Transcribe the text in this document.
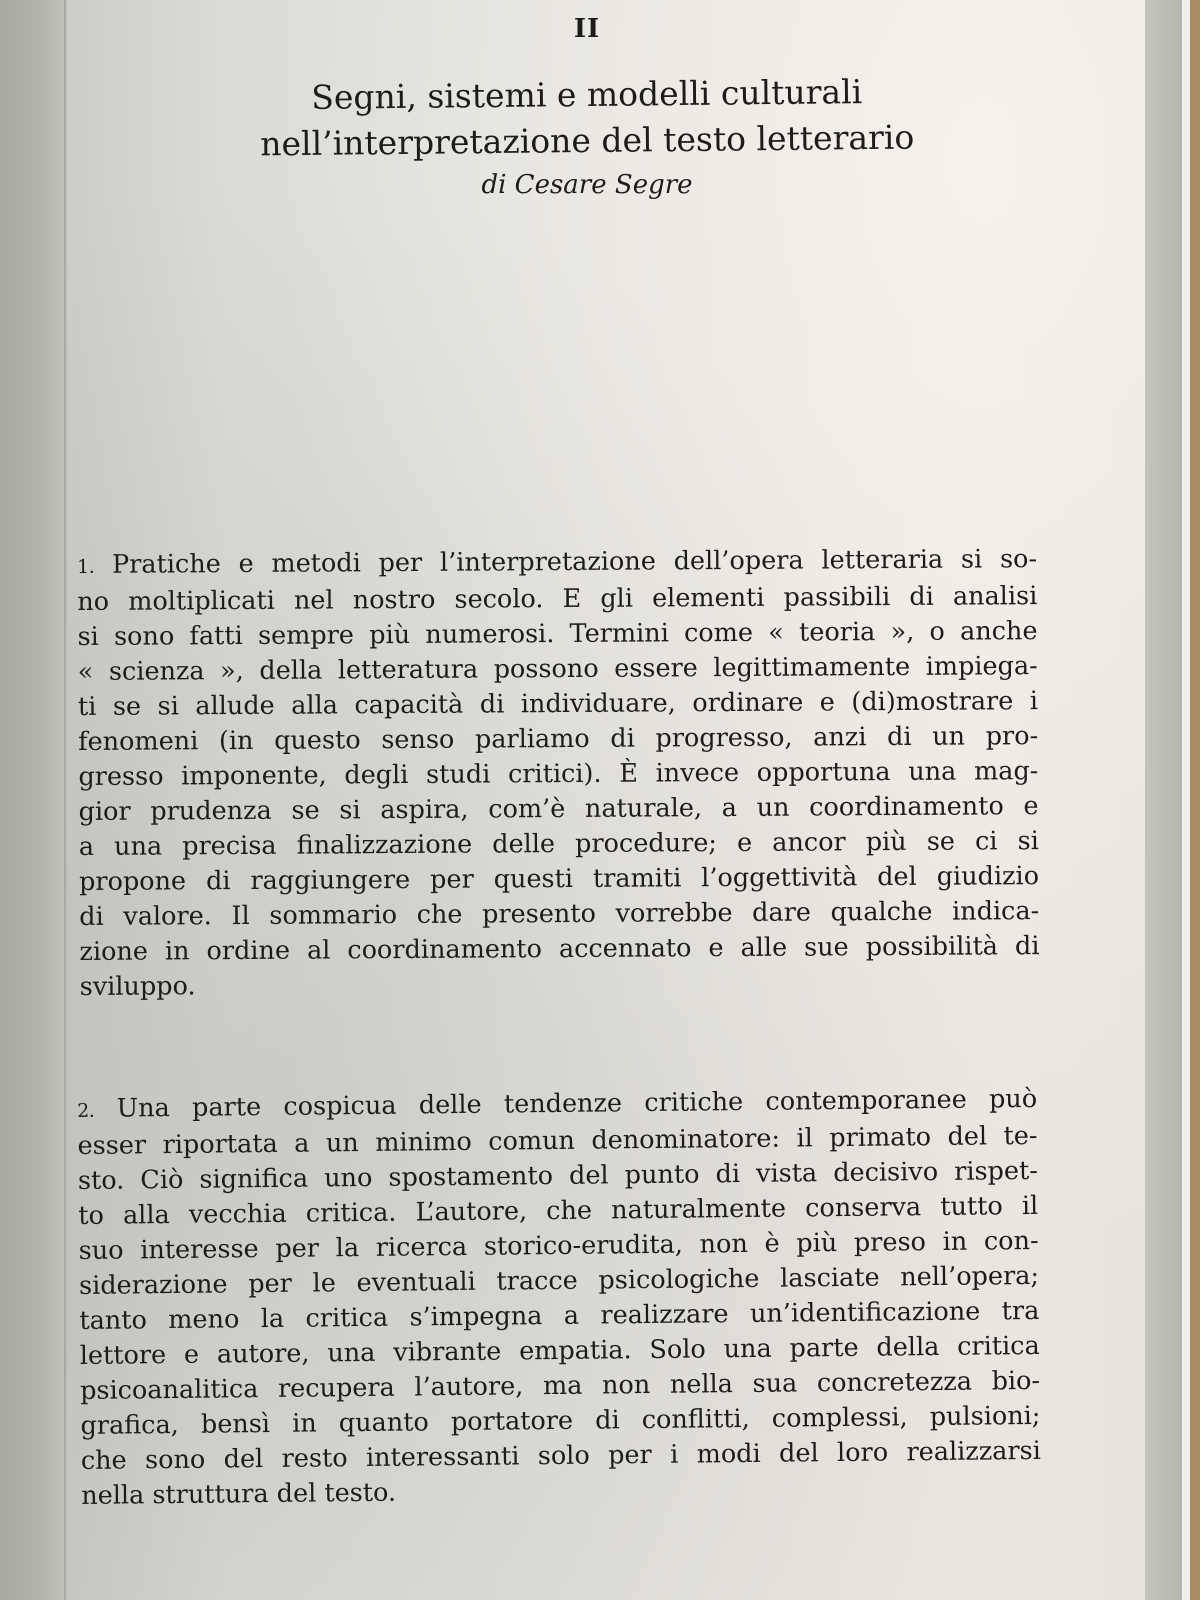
II
Segni, sistemi e modelli culturali
nell’interpretazione del testo letterario
di Cesare Segre
1. Pratiche e metodi per l’interpretazione dell’opera letteraria si so-
no moltiplicati nel nostro secolo. E gli elementi passibili di analisi
si sono fatti sempre più numerosi. Termini come « teoria », o anche
« scienza », della letteratura possono essere legittimamente impiega-
ti se si allude alla capacità di individuare, ordinare e (di)mostrare i
fenomeni (in questo senso parliamo di progresso, anzi di un pro-
gresso imponente, degli studi critici). È invece opportuna una mag-
gior prudenza se si aspira, com’è naturale, a un coordinamento e
a una precisa finalizzazione delle procedure; e ancor più se ci si
propone di raggiungere per questi tramiti l’oggettività del giudizio
di valore. Il sommario che presento vorrebbe dare qualche indica-
zione in ordine al coordinamento accennato e alle sue possibilità di
sviluppo.
2. Una parte cospicua delle tendenze critiche contemporanee può
esser riportata a un minimo comun denominatore: il primato del te-
sto. Ciò significa uno spostamento del punto di vista decisivo rispet-
to alla vecchia critica. L’autore, che naturalmente conserva tutto il
suo interesse per la ricerca storico-erudita, non è più preso in con-
siderazione per le eventuali tracce psicologiche lasciate nell’opera;
tanto meno la critica s’impegna a realizzare un’identificazione tra
lettore e autore, una vibrante empatia. Solo una parte della critica
psicoanalitica recupera l’autore, ma non nella sua concretezza bio-
grafica, bensì in quanto portatore di conflitti, complessi, pulsioni;
che sono del resto interessanti solo per i modi del loro realizzarsi
nella struttura del testo.
